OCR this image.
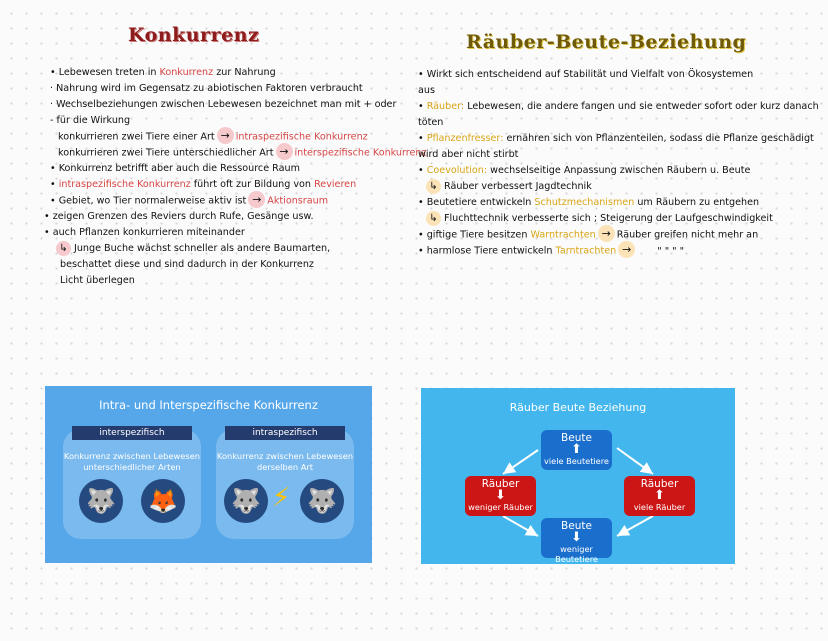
Konkurrenz	Räuber-Beute-Beziehung
• Lebewesen treten in Konkurrenz zur Nahrung
· Nahrung wird im Gegensatz zu abiotischen Faktoren verbraucht
· Wechselbeziehungen zwischen Lebewesen bezeichnet man mit + oder
- für die Wirkung
konkurrieren zwei Tiere einer Art → intraspezifische Konkurrenz
konkurrieren zwei Tiere unterschiedlicher Art → interspezifische Konkurrenz
• Konkurrenz betrifft aber auch die Ressource Raum
• intraspezifische Konkurrenz führt oft zur Bildung von Revieren
• Gebiet, wo Tier normalerweise aktiv ist → Aktionsraum
• zeigen Grenzen des Reviers durch Rufe, Gesänge usw.
• auch Pflanzen konkurrieren miteinander
↳ Junge Buche wächst schneller als andere Baumarten,
beschattet diese und sind dadurch in der Konkurrenz
Licht überlegen
• Wirkt sich entscheidend auf Stabilität und Vielfalt von Ökosystemen
aus
• Räuber: Lebewesen, die andere fangen und sie entweder sofort oder kurz danach
töten
• Pflanzenfresser: ernähren sich von Pflanzenteilen, sodass die Pflanze geschädigt
wird aber nicht stirbt
• Coevolution: wechselseitige Anpassung zwischen Räubern u. Beute
↳ Räuber verbessert Jagdtechnik
• Beutetiere entwickeln Schutzmechanismen um Räubern zu entgehen
↳ Fluchttechnik verbesserte sich ; Steigerung der Laufgeschwindigkeit
• giftige Tiere besitzen Warntrachten → Räuber greifen nicht mehr an
• harmlose Tiere entwickeln Tarntrachten →	" " " "
Intra- und Interspezifische Konkurrenz
interspezifisch
Konkurrenz zwischen Lebewesen
unterschiedlicher Arten
🐺 🦊
intraspezifisch
Konkurrenz zwischen Lebewesen
derselben Art
🐺 ⚡ 🐺
Räuber Beute Beziehung
Beute
⬆
viele Beutetiere
Räuber
⬇
weniger Räuber
Räuber
⬆
viele Räuber
Beute
⬇
weniger Beutetiere
